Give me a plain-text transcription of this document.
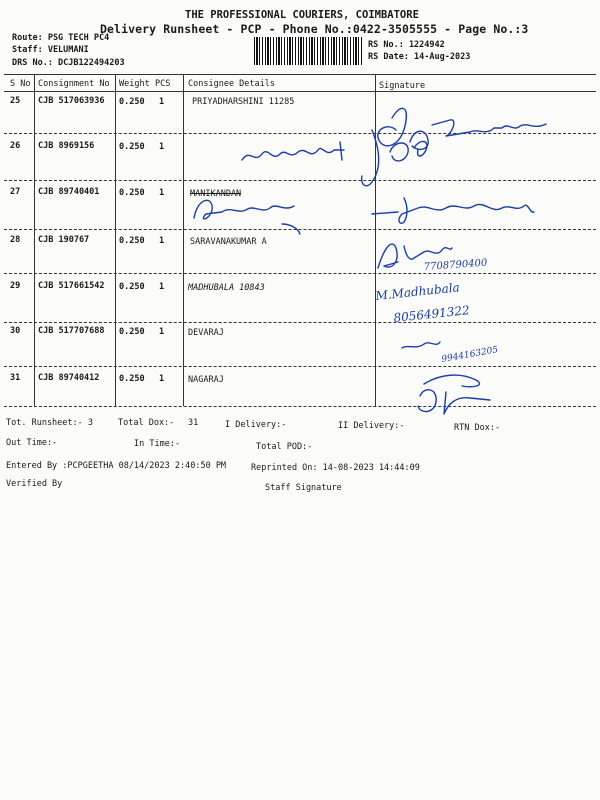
THE PROFESSIONAL COURIERS, COIMBATORE
Delivery Runsheet - PCP - Phone No.:0422-3505555 - Page No.:3
Route: PSG TECH PC4
Staff: VELUMANI
DRS No.: DCJB122494203
RS No.: 1224942
RS Date: 14-Aug-2023
S No Consignment No Weight PCS Consignee Details	Signature
25 CJB 517063936 0.250 1	PRIYADHARSHINI 11285
26 CJB 8969156	0.250 1
27 CJB 89740401 0.250 1	MANIKANDAN
28 CJB 190767	0.250 1	SARAVANAKUMAR A
29 CJB 517661542 0.250 1	MADHUBALA 10843
30 CJB 517707688 0.250 1	DEVARAJ
31 CJB 89740412 0.250 1	NAGARAJ
7708790400
M.Madhubala
8056491322
9944163205
Tot. Runsheet:- 3	Total Dox:- 31	I Delivery:-	II Delivery:-	RTN Dox:-
Out Time:-	In Time:-	Total POD:-
Entered By :PCPGEETHA 08/14/2023 2:40:50 PM	Reprinted On: 14-08-2023 14:44:09
Verified By	Staff Signature
